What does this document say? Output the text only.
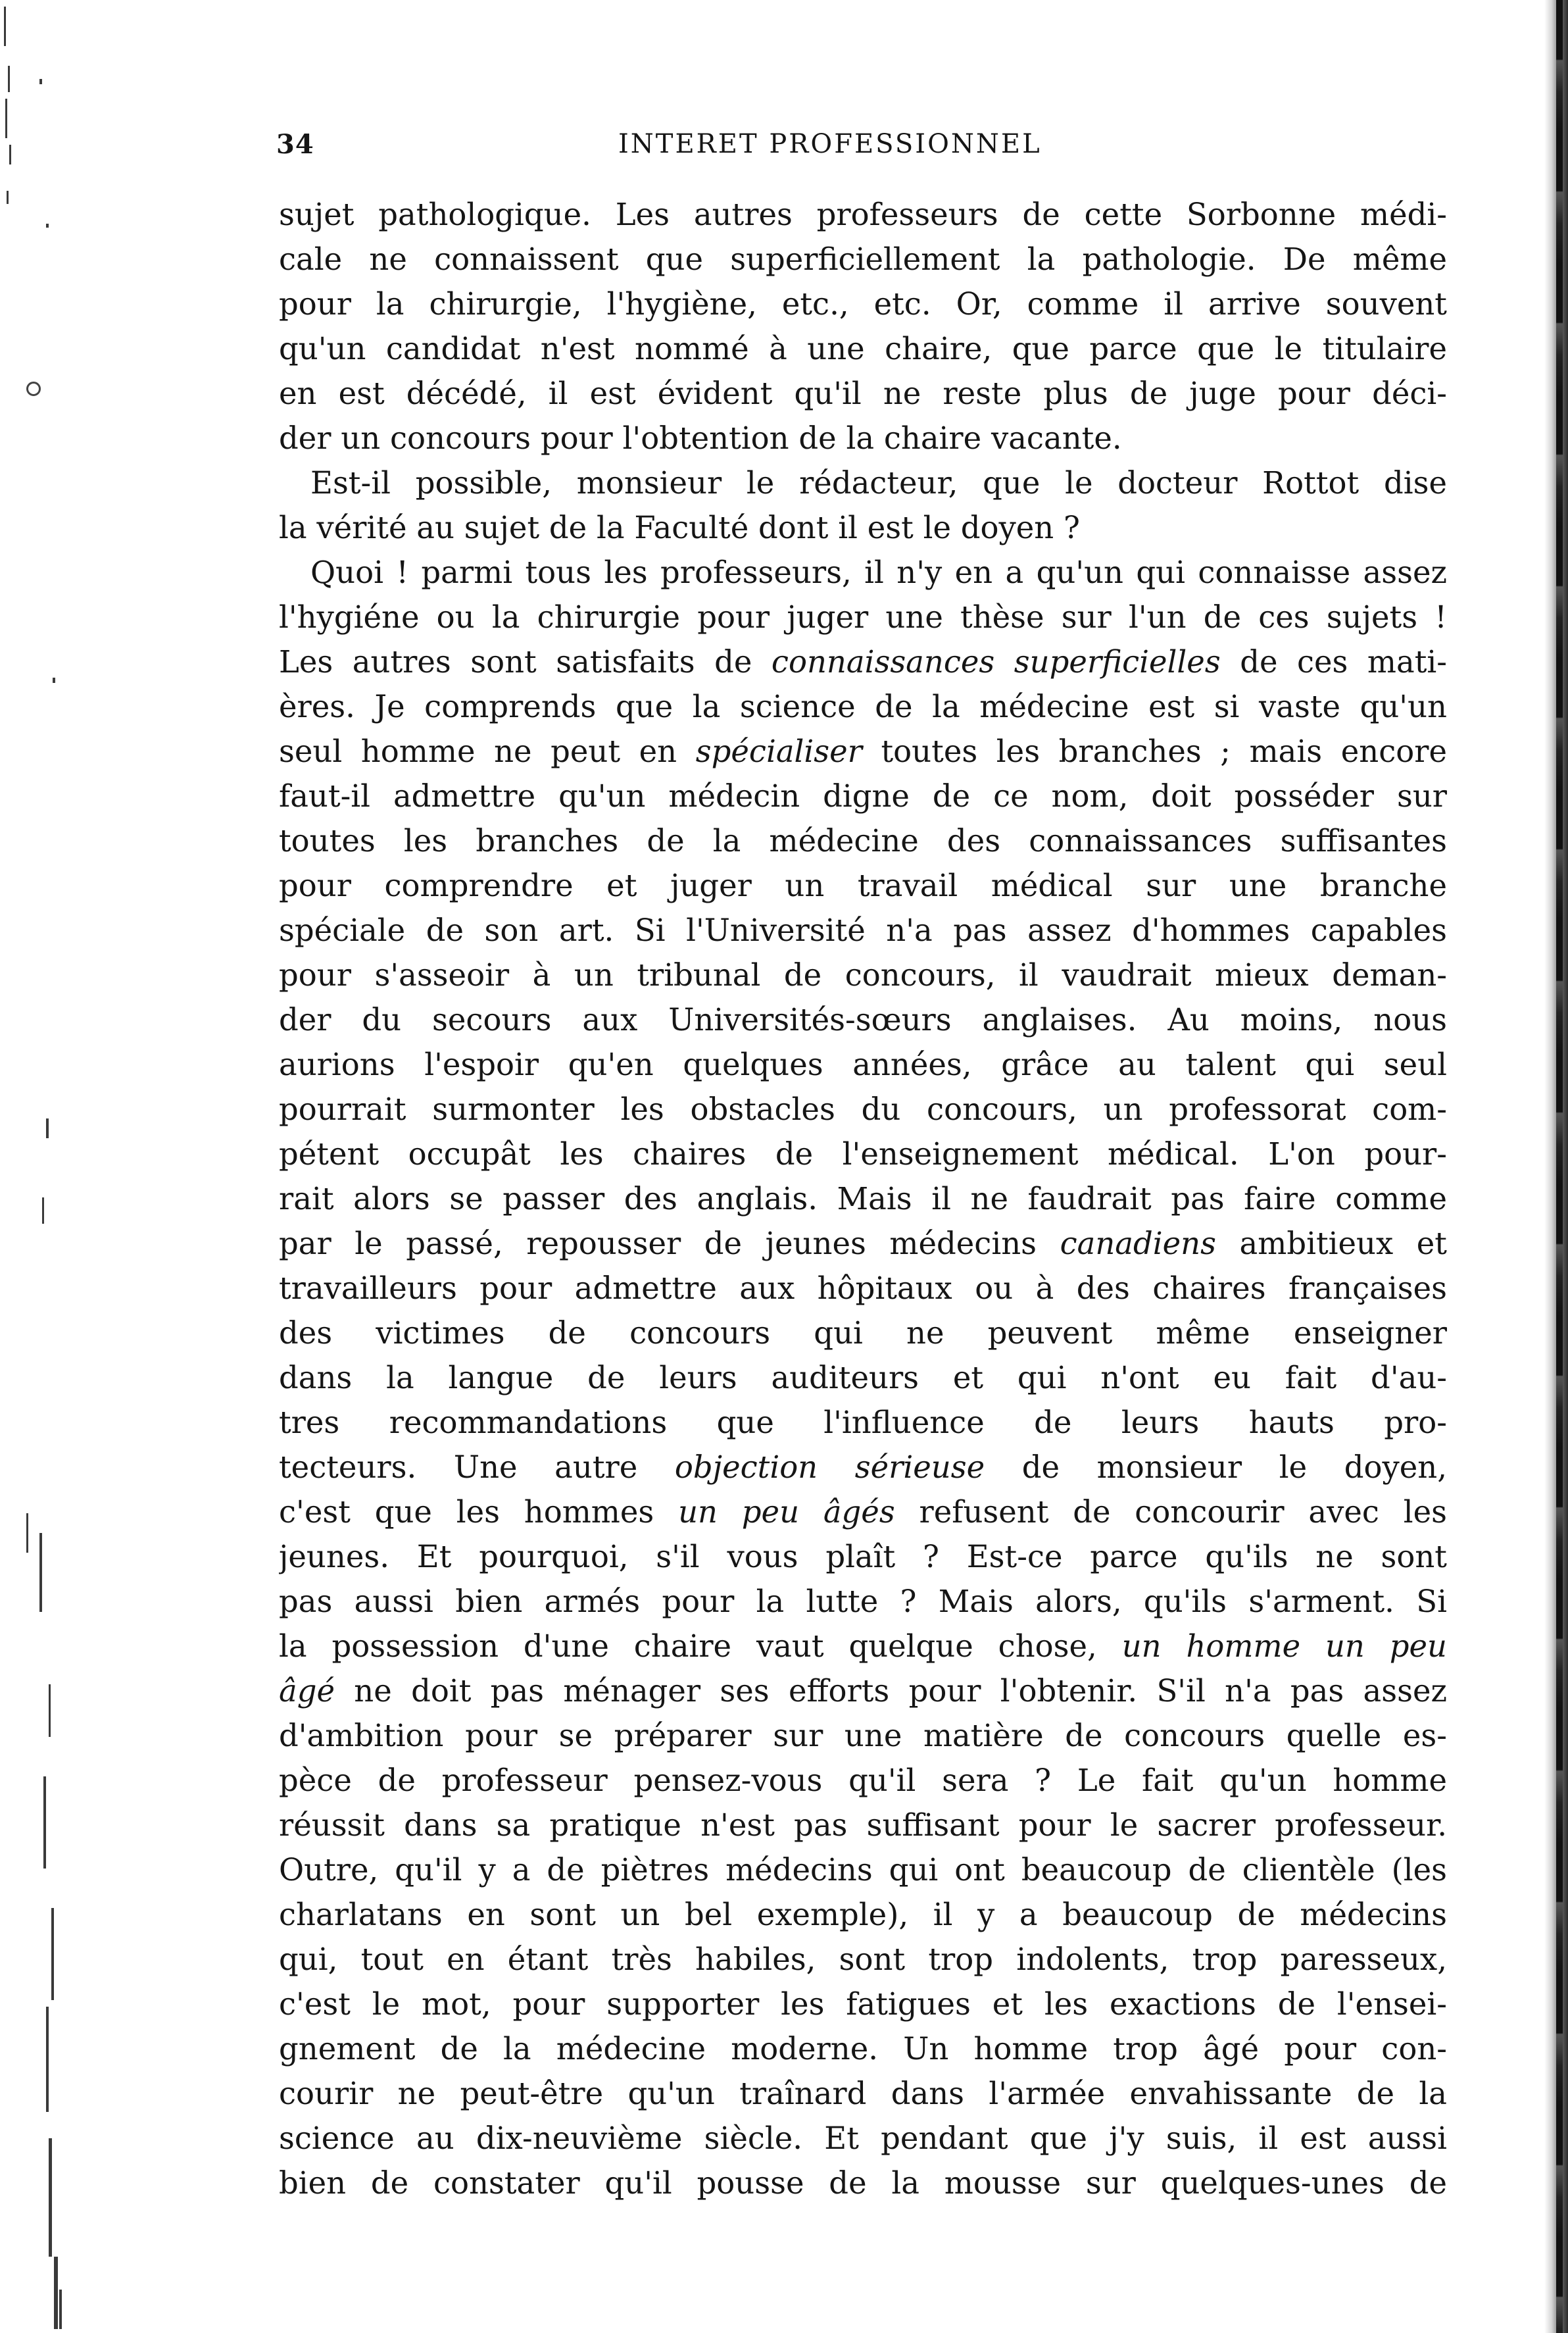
34	INTERET PROFESSIONNEL
sujet pathologique. Les autres professeurs de cette Sorbonne médi-
cale ne connaissent que superficiellement la pathologie. De même
pour la chirurgie, l'hygiène, etc., etc. Or, comme il arrive souvent
qu'un candidat n'est nommé à une chaire, que parce que le titulaire
en est décédé, il est évident qu'il ne reste plus de juge pour déci-
der un concours pour l'obtention de la chaire vacante.
Est-il possible, monsieur le rédacteur, que le docteur Rottot dise
la vérité au sujet de la Faculté dont il est le doyen ?
Quoi ! parmi tous les professeurs, il n'y en a qu'un qui connaisse assez
l'hygiéne ou la chirurgie pour juger une thèse sur l'un de ces sujets !
Les autres sont satisfaits de connaissances superficielles de ces mati-
ères. Je comprends que la science de la médecine est si vaste qu'un
seul homme ne peut en spécialiser toutes les branches ; mais encore
faut-il admettre qu'un médecin digne de ce nom, doit posséder sur
toutes les branches de la médecine des connaissances suffisantes
pour comprendre et juger un travail médical sur une branche
spéciale de son art. Si l'Université n'a pas assez d'hommes capables
pour s'asseoir à un tribunal de concours, il vaudrait mieux deman-
der du secours aux Universités-sœurs anglaises. Au moins, nous
aurions l'espoir qu'en quelques années, grâce au talent qui seul
pourrait surmonter les obstacles du concours, un professorat com-
pétent occupât les chaires de l'enseignement médical. L'on pour-
rait alors se passer des anglais. Mais il ne faudrait pas faire comme
par le passé, repousser de jeunes médecins canadiens ambitieux et
travailleurs pour admettre aux hôpitaux ou à des chaires françaises
des victimes de concours qui ne peuvent même enseigner
dans la langue de leurs auditeurs et qui n'ont eu fait d'au-
tres recommandations que l'influence de leurs hauts pro-
tecteurs. Une autre objection sérieuse de monsieur le doyen,
c'est que les hommes un peu âgés refusent de concourir avec les
jeunes. Et pourquoi, s'il vous plaît ? Est-ce parce qu'ils ne sont
pas aussi bien armés pour la lutte ? Mais alors, qu'ils s'arment. Si
la possession d'une chaire vaut quelque chose, un homme un peu
âgé ne doit pas ménager ses efforts pour l'obtenir. S'il n'a pas assez
d'ambition pour se préparer sur une matière de concours quelle es-
pèce de professeur pensez-vous qu'il sera ? Le fait qu'un homme
réussit dans sa pratique n'est pas suffisant pour le sacrer professeur.
Outre, qu'il y a de piètres médecins qui ont beaucoup de clientèle (les
charlatans en sont un bel exemple), il y a beaucoup de médecins
qui, tout en étant très habiles, sont trop indolents, trop paresseux,
c'est le mot, pour supporter les fatigues et les exactions de l'ensei-
gnement de la médecine moderne. Un homme trop âgé pour con-
courir ne peut-être qu'un traînard dans l'armée envahissante de la
science au dix-neuvième siècle. Et pendant que j'y suis, il est aussi
bien de constater qu'il pousse de la mousse sur quelques-unes de
